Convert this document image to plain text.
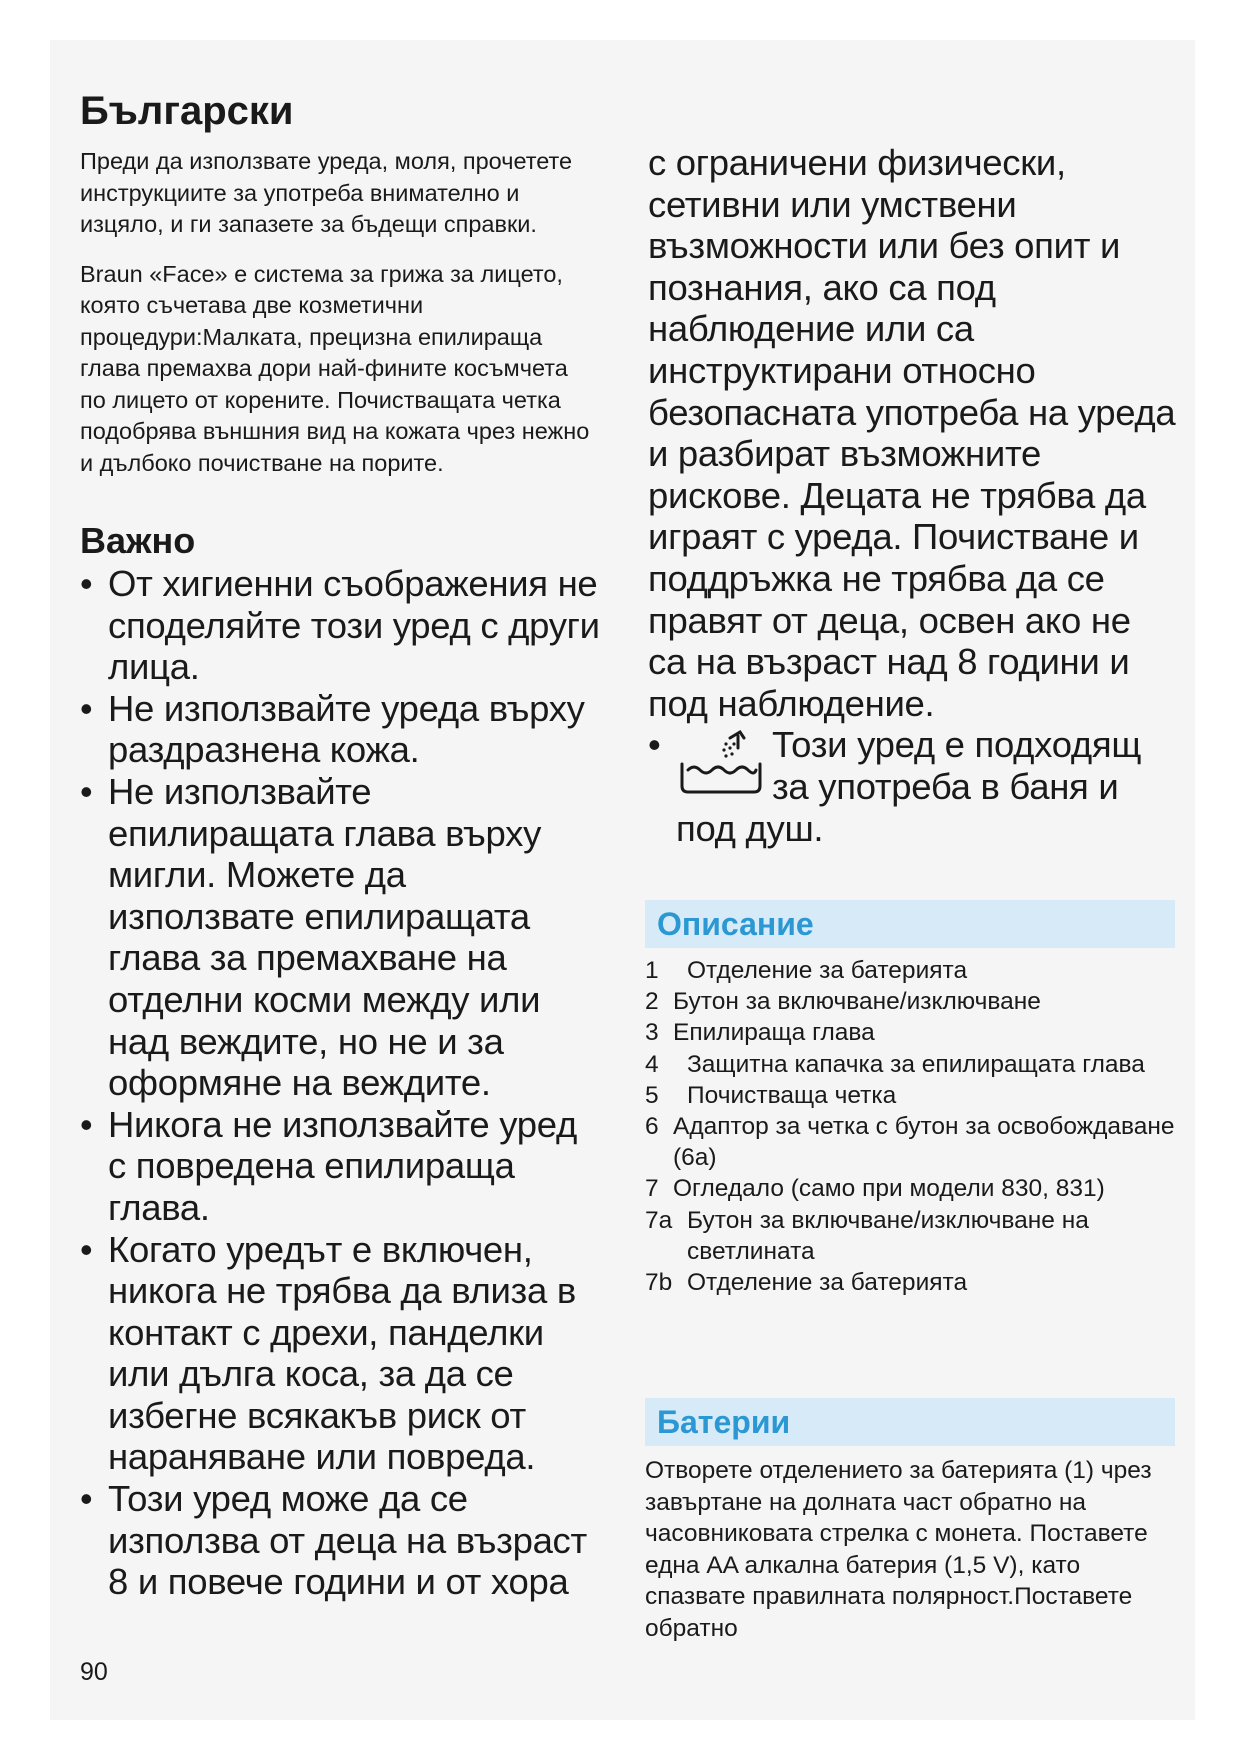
Български

Преди да използвате уреда, моля, прочетете инструкциите за употреба внимателно и изцяло, и ги запазете за бъдещи справки.

Braun «Face» е система за грижа за лицето, която съчетава две козметични процедури:Малката, прецизна епилираща глава премахва дори най-фините косъмчета по лицето от корените. Почистващата четка подобрява външния вид на кожата чрез нежно и дълбоко почистване на порите.

Важно
• От хигиенни съображения не споделяйте този уред с други лица.
• Не използвайте уреда върху раздразнена кожа.
• Не използвайте епилиращата глава върху мигли. Можете да използвате епилиращата глава за премахване на отделни косми между или над веждите, но не и за оформяне на веждите.
• Никога не използвайте уред с повредена епилираща глава.
• Когато уредът е включен, никога не трябва да влиза в контакт с дрехи, панделки или дълга коса, за да се избегне всякакъв риск от нараняване или повреда.
• Този уред може да се използва от деца на възраст 8 и повече години и от хора
90

с ограничени физически, сетивни или умствени възможности или без опит и познания, ако са под наблюдение или са инструктирани относно безопасната употреба на уреда и разбират възможните рискове. Децата не трябва да играят с уреда. Почистване и поддръжка не трябва да се правят от деца, освен ако не са на възраст над 8 години и под наблюдение.

•	Този уред е подходящ за употреба в баня и под душ.
Описание
1	Отделение за батерията
2 Бутон за включване/изключване
3 Епилираща глава
4	Защитна капачка за епилиращата глава
5	Почистваща четка
6 Адаптор за четка с бутон за освобождаване (6a)
7 Огледало (само при модели 830, 831)
7a Бутон за включване/изключване на светлината
7b Отделение за батерията
Батерии

Отворете отделението за батерията (1) чрез завъртане на долната част обратно на часовниковата стрелка с монета. Поставете една AA алкална батерия (1,5 V), като спазвате правилната полярност.Поставете обратно
